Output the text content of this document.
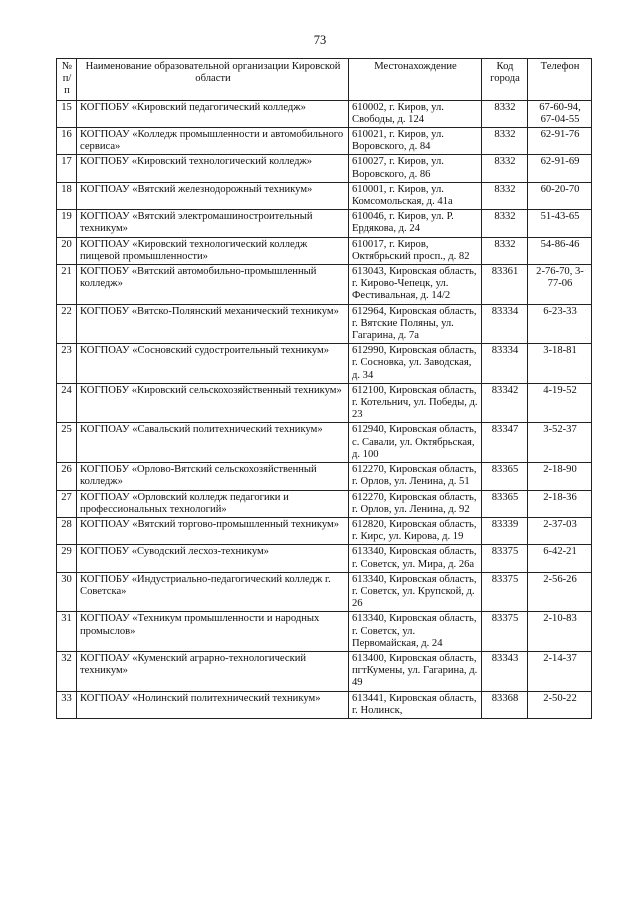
73
№ п/п	Наименование образовательной организации Кировской области	Местонахождение	Код города	Телефон
15	КОГПОБУ «Кировский педагогический колледж»	610002, г. Киров, ул. Свободы, д. 124	8332	67-60-94, 67-04-55
16	КОГПОАУ «Колледж промышленности и автомобильного сервиса»	610021, г. Киров, ул. Воровского, д. 84	8332	62-91-76
17	КОГПОБУ «Кировский технологический колледж»	610027, г. Киров, ул. Воровского, д. 86	8332	62-91-69
18	КОГПОАУ «Вятский железнодорожный техникум»	610001, г. Киров, ул. Комсомольская, д. 41а	8332	60-20-70
19	КОГПОАУ «Вятский электромашиностроительный техникум»	610046, г. Киров, ул. Р. Ердякова, д. 24	8332	51-43-65
20	КОГПОАУ «Кировский технологический колледж пищевой промышленности»	610017, г. Киров, Октябрьский просп., д. 82	8332	54-86-46
21	КОГПОБУ «Вятский автомобильно-промышленный колледж»	613043, Кировская область, г. Кирово-Чепецк, ул. Фестивальная, д. 14/2	83361	2-76-70, 3-77-06
22	КОГПОБУ «Вятско-Полянский механический техникум»	612964, Кировская область, г. Вятские Поляны, ул. Гагарина, д. 7а	83334	6-23-33
23	КОГПОАУ «Сосновский судостроительный техникум»	612990, Кировская область, г. Сосновка, ул. Заводская, д. 34	83334	3-18-81
24	КОГПОБУ «Кировский сельскохозяйственный техникум»	612100, Кировская область, г. Котельнич, ул. Победы, д. 23	83342	4-19-52
25	КОГПОАУ «Савальский политехнический техникум»	612940, Кировская область, с. Савали, ул. Октябрьская, д. 100	83347	3-52-37
26	КОГПОБУ «Орлово-Вятский сельскохозяйственный колледж»	612270, Кировская область, г. Орлов, ул. Ленина, д. 51	83365	2-18-90
27	КОГПОАУ «Орловский колледж педагогики и профессиональных технологий»	612270, Кировская область, г. Орлов, ул. Ленина, д. 92	83365	2-18-36
28	КОГПОАУ «Вятский торгово-промышленный техникум»	612820, Кировская область, г. Кирс, ул. Кирова, д. 19	83339	2-37-03
29	КОГПОБУ «Суводский лесхоз-техникум»	613340, Кировская область, г. Советск, ул. Мира, д. 26а	83375	6-42-21
30	КОГПОБУ «Индустриально-педагогический колледж г. Советска»	613340, Кировская область, г. Советск, ул. Крупской, д. 26	83375	2-56-26
31	КОГПОАУ «Техникум промышленности и народных промыслов»	613340, Кировская область, г. Советск, ул. Первомайская, д. 24	83375	2-10-83
32	КОГПОАУ «Куменский аграрно-технологический техникум»	613400, Кировская область, пгтКумены, ул. Гагарина, д. 49	83343	2-14-37
33	КОГПОАУ «Нолинский политехнический техникум»	613441, Кировская область, г. Нолинск,	83368	2-50-22
